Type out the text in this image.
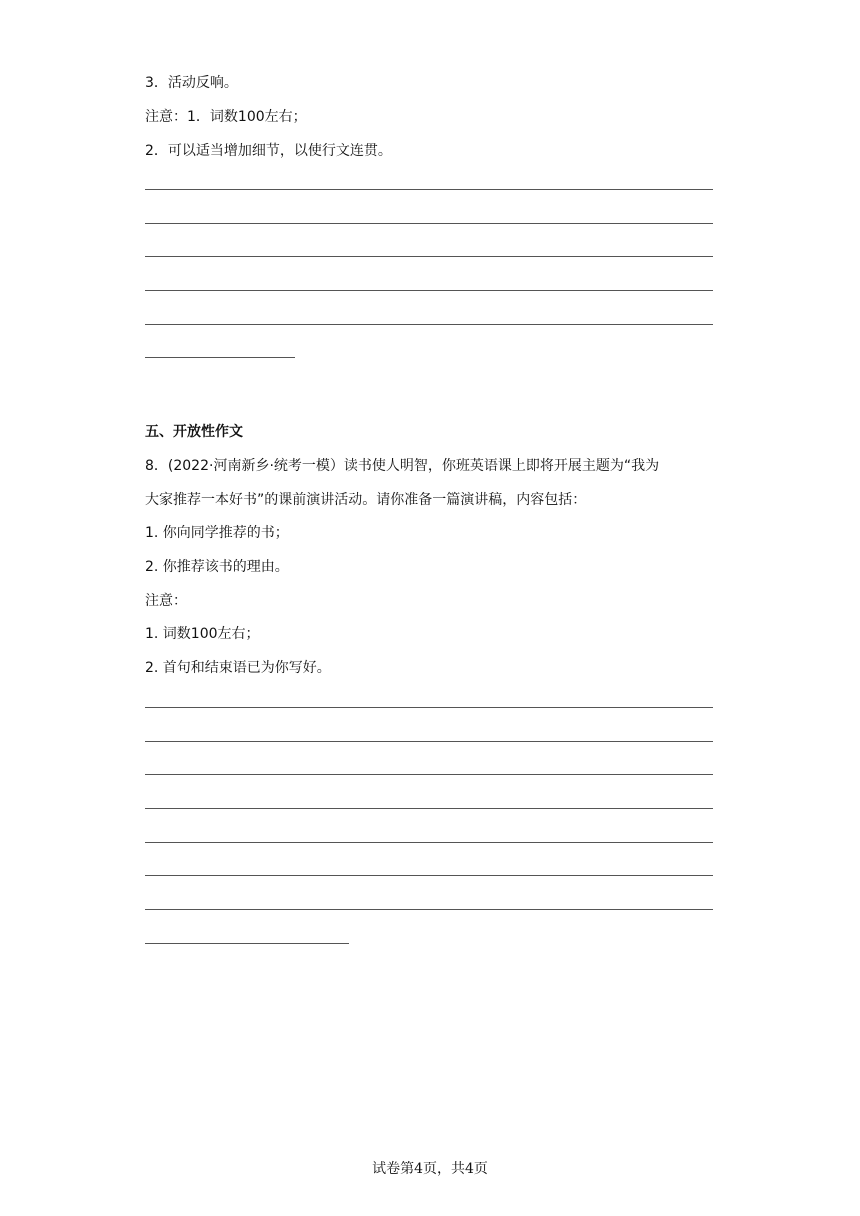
3．活动反响。
注意：1．词数100左右；
2．可以适当增加细节，以使行文连贯。
五、开放性作文
8．(2022·河南新乡·统考一模）读书使人明智，你班英语课上即将开展主题为“我为
大家推荐一本好书”的课前演讲活动。请你准备一篇演讲稿，内容包括：
1. 你向同学推荐的书；
2. 你推荐该书的理由。
注意：
1. 词数100左右；
2. 首句和结束语已为你写好。
试卷第4页，共4页
